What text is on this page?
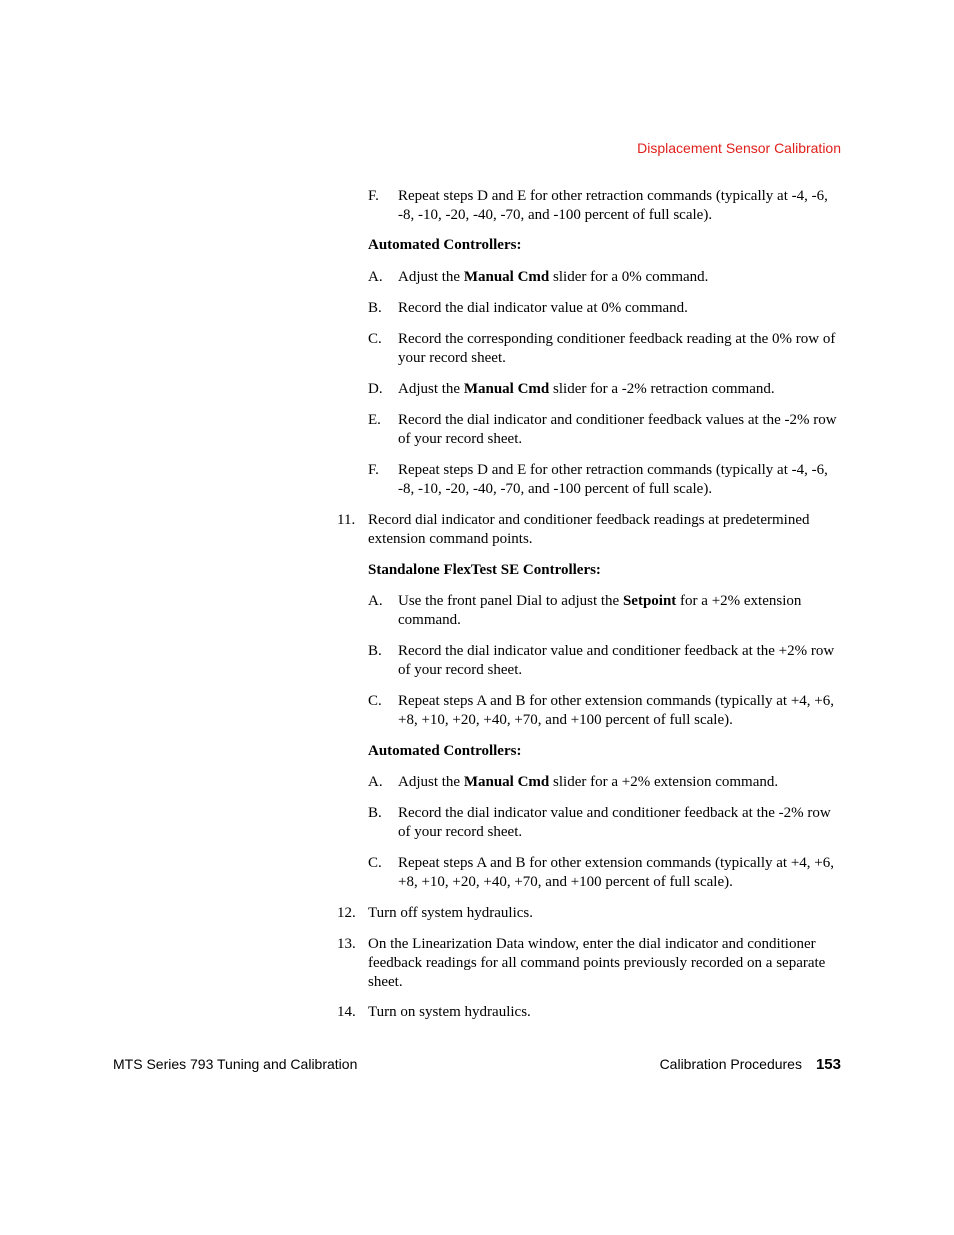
Displacement Sensor Calibration
F.	Repeat steps D and E for other retraction commands (typically at -4, -6, -8, -10, -20, -40, -70, and -100 percent of full scale).
Automated Controllers:
A.	Adjust the Manual Cmd slider for a 0% command.
B.	Record the dial indicator value at 0% command.
C.	Record the corresponding conditioner feedback reading at the 0% row of your record sheet.
D.	Adjust the Manual Cmd slider for a -2% retraction command.
E.	Record the dial indicator and conditioner feedback values at the -2% row of your record sheet.
F.	Repeat steps D and E for other retraction commands (typically at -4, -6, -8, -10, -20, -40, -70, and -100 percent of full scale).
11. Record dial indicator and conditioner feedback readings at predetermined extension command points.
Standalone FlexTest SE Controllers:
A.	Use the front panel Dial to adjust the Setpoint for a +2% extension command.
B.	Record the dial indicator value and conditioner feedback at the +2% row of your record sheet.
C.	Repeat steps A and B for other extension commands (typically at +4, +6, +8, +10, +20, +40, +70, and +100 percent of full scale).
Automated Controllers:
A.	Adjust the Manual Cmd slider for a +2% extension command.
B.	Record the dial indicator value and conditioner feedback at the -2% row of your record sheet.
C.	Repeat steps A and B for other extension commands (typically at +4, +6, +8, +10, +20, +40, +70, and +100 percent of full scale).
12. Turn off system hydraulics.
13. On the Linearization Data window, enter the dial indicator and conditioner feedback readings for all command points previously recorded on a separate sheet.
14. Turn on system hydraulics.
MTS Series 793 Tuning and Calibration	Calibration Procedures 153
